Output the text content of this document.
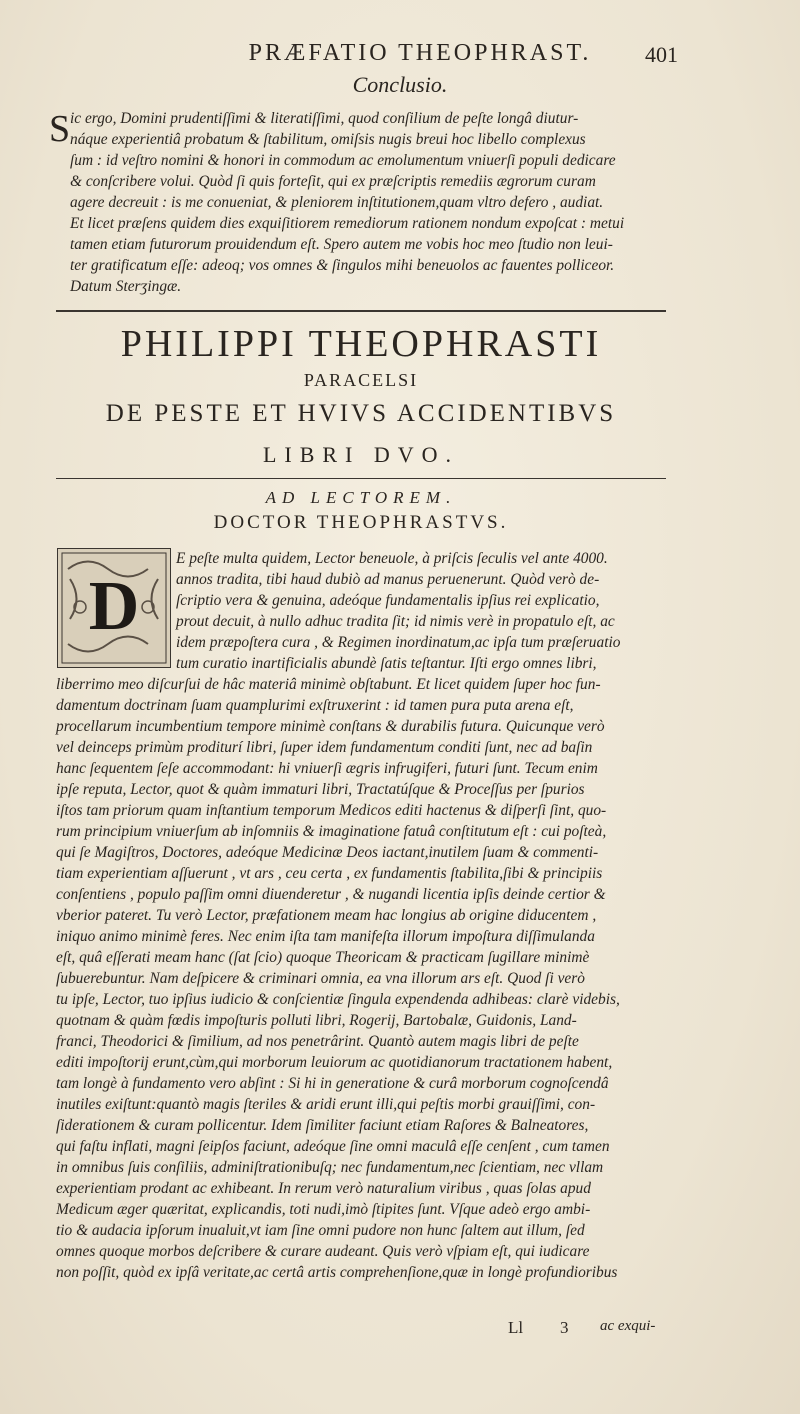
PRÆFATIO THEOPHRAST.	401
Conclusio.
S ic ergo, Domini prudentiſſimi & literatiſſimi, quod conſilium de peſte longâ diutur-
náque experientiâ probatum & ſtabilitum, omiſsis nugis breui hoc libello complexus
ſum : id veſtro nomini & honori in commodum ac emolumentum vniuerſi populi dedicare
& conſcribere volui. Quòd ſi quis forteſit, qui ex præſcriptis remediis ægrorum curam
agere decreuit : is me conueniat, & pleniorem inſtitutionem,quam vltro defero , audiat.
Et licet præſens quidem dies exquiſitiorem remediorum rationem nondum expoſcat : metui
tamen etiam futurorum prouidendum eſt. Spero autem me vobis hoc meo ſtudio non leui-
ter gratificatum eſſe: adeoq; vos omnes & ſingulos mihi beneuolos ac fauentes polliceor.
Datum Sterʒingæ.
PHILIPPI THEOPHRASTI
PARACELSI
DE PESTE ET HVIVS ACCIDENTIBVS
LIBRI DVO.
AD LECTOREM.
DOCTOR THEOPHRASTVS.
D
E peſte multa quidem, Lector beneuole, à priſcis ſeculis vel ante 4000.
annos tradita, tibi haud dubiò ad manus peruenerunt. Quòd verò de-
ſcriptio vera & genuina, adeóque fundamentalis ipſius rei explicatio,
prout decuit, à nullo adhuc tradita ſit; id nimis verè in propatulo eſt, ac
idem præpoſtera cura , & Regimen inordinatum,ac ipſa tum præſeruatio
tum curatio inartificialis abundè ſatis teſtantur. Iſti ergo omnes libri,
liberrimo meo diſcurſui de hâc materiâ minimè obſtabunt. Et licet quidem ſuper hoc fun-
damentum doctrinam ſuam quamplurimi exſtruxerint : id tamen pura puta arena eſt,
procellarum incumbentium tempore minimè conſtans & durabilis futura. Quicunque verò
vel deinceps primùm proditurí libri, ſuper idem fundamentum conditi ſunt, nec ad baſin
hanc ſequentem ſeſe accommodant: hi vniuerſi ægris infrugiferi, futuri ſunt. Tecum enim
ipſe reputa, Lector, quot & quàm immaturi libri, Tractatúſque & Proceſſus per ſpurios
iſtos tam priorum quam inſtantium temporum Medicos editi hactenus & diſperſi ſint, quo-
rum principium vniuerſum ab inſomniis & imaginatione fatuâ conſtitutum eſt : cui poſteà,
qui ſe Magiſtros, Doctores, adeóque Medicinæ Deos iactant,inutilem ſuam & commenti-
tiam experientiam aſſuerunt , vt ars , ceu certa , ex fundamentis ſtabilita,ſibi & principiis
conſentiens , populo paſſim omni diuenderetur , & nugandi licentia ipſis deinde certior &
vberior pateret. Tu verò Lector, præfationem meam hac longius ab origine diducentem ,
iniquo animo minimè feres. Nec enim iſta tam manifeſta illorum impoſtura diſſimulanda
eſt, quâ eſſerati meam hanc (ſat ſcio) quoque Theoricam & practicam ſugillare minimè
ſubuerebuntur. Nam deſpicere & criminari omnia, ea vna illorum ars eſt. Quod ſi verò
tu ipſe, Lector, tuo ipſius iudicio & conſcientiæ ſingula expendenda adhibeas: clarè videbis,
quotnam & quàm fœdis impoſturis polluti libri, Rogerij, Bartobalæ, Guidonis, Land-
franci, Theodorici & ſimilium, ad nos penetrârint. Quantò autem magis libri de peſte
editi impoſtorij erunt,cùm,qui morborum leuiorum ac quotidianorum tractationem habent,
tam longè à fundamento vero abſint : Si hi in generatione & curâ morborum cognoſcendâ
inutiles exiſtunt:quantò magis ſteriles & aridi erunt illi,qui peſtis morbi grauiſſimi, con-
ſiderationem & curam pollicentur. Idem ſimiliter faciunt etiam Raſores & Balneatores,
qui faſtu inflati, magni ſeipſos faciunt, adeóque ſine omni maculâ eſſe cenſent , cum tamen
in omnibus ſuis conſiliis, adminiſtrationibuſq; nec fundamentum,nec ſcientiam, nec vllam
experientiam prodant ac exhibeant. In rerum verò naturalium viribus , quas ſolas apud
Medicum æger quæritat, explicandis, toti nudi,imò ſtipites ſunt. Vſque adeò ergo ambi-
tio & audacia ipſorum inualuit,vt iam ſine omni pudore non hunc ſaltem aut illum, ſed
omnes quoque morbos deſcribere & curare audeant. Quis verò vſpiam eſt, qui iudicare
non poſſit, quòd ex ipſâ veritate,ac certâ artis comprehenſione,quæ in longè profundioribus
Ll 3 ac exqui-
